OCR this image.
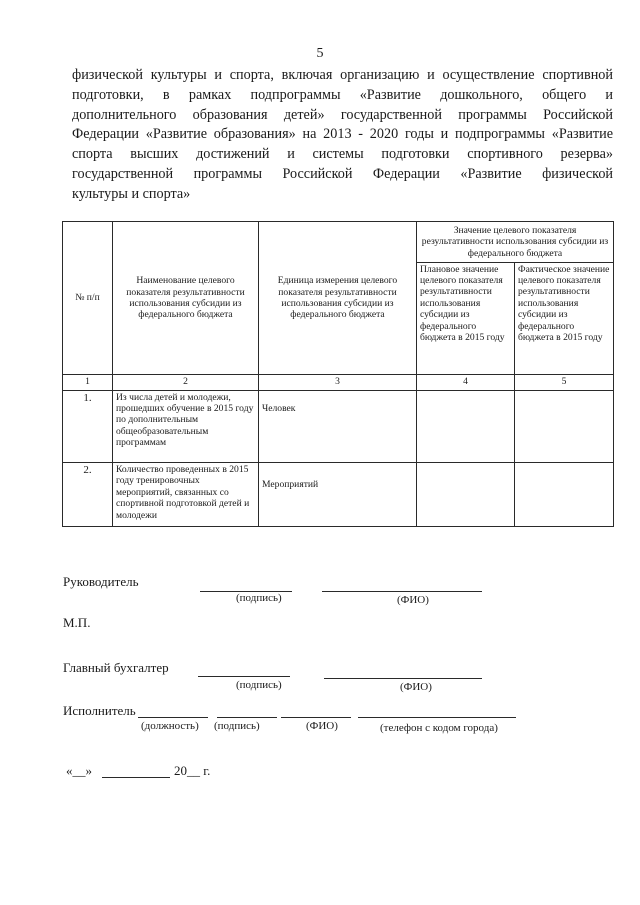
5

физической культуры и спорта, включая организацию и осуществление спортивной
подготовки, в рамках подпрограммы «Развитие дошкольного, общего и
дополнительного образования детей» государственной программы Российской
Федерации «Развитие образования» на 2013 - 2020 годы и подпрограммы «Развитие
спорта высших достижений и системы подготовки спортивного резерва»
государственной программы Российской Федерации «Развитие физической
культуры и спорта»

№ п/п	Наименование целевого показателя результативности использования субсидии из федерального бюджета	Единица измерения целевого показателя результативности использования субсидии из федерального бюджета	Значение целевого показателя результативности использования субсидии из федерального бюджета	
			Плановое значение целевого показателя результативности использования субсидии из федерального бюджета в 2015 году	Фактическое значение целевого показателя результативности использования субсидии из федерального бюджета в 2015 году
1	2	3	4	5
1.	Из числа детей и молодежи, прошедших обучение в 2015 году по дополнительным общеобразовательным программам	Человек		
2.	Количество проведенных в 2015 году тренировочных мероприятий, связанных со спортивной подготовкой детей и молодежи	Мероприятий		
Руководитель
(подпись)	(ФИО)
М.П.
Главный бухгалтер
(подпись)	(ФИО)
Исполнитель
(должность) (подпись)	(ФИО)	(телефон с кодом города)
«__»	20__ г.
